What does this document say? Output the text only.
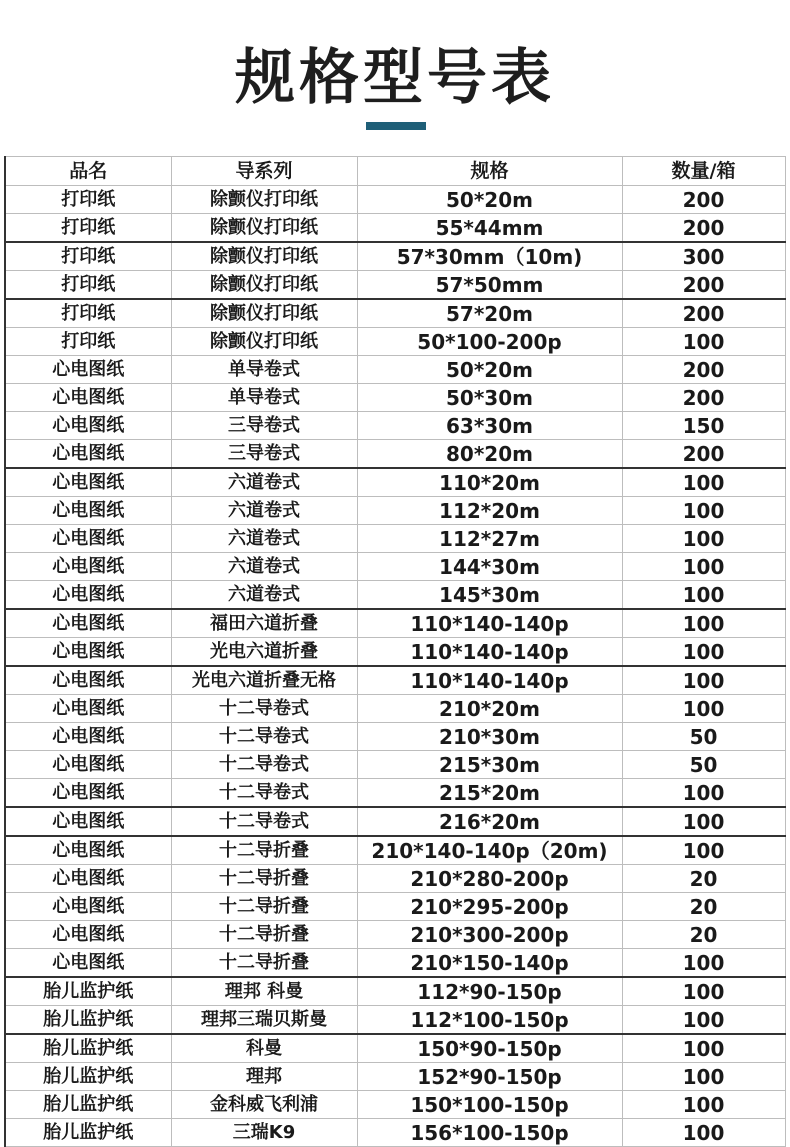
规格型号表
品名	导系列	规格	数量/箱
打印纸	除颤仪打印纸	50*20m	200
打印纸	除颤仪打印纸	55*44mm	200
打印纸	除颤仪打印纸	57*30mm（10m)	300
打印纸	除颤仪打印纸	57*50mm	200
打印纸	除颤仪打印纸	57*20m	200
打印纸	除颤仪打印纸	50*100-200p	100
心电图纸	单导卷式	50*20m	200
心电图纸	单导卷式	50*30m	200
心电图纸	三导卷式	63*30m	150
心电图纸	三导卷式	80*20m	200
心电图纸	六道卷式	110*20m	100
心电图纸	六道卷式	112*20m	100
心电图纸	六道卷式	112*27m	100
心电图纸	六道卷式	144*30m	100
心电图纸	六道卷式	145*30m	100
心电图纸	福田六道折叠	110*140-140p	100
心电图纸	光电六道折叠	110*140-140p	100
心电图纸	光电六道折叠无格	110*140-140p	100
心电图纸	十二导卷式	210*20m	100
心电图纸	十二导卷式	210*30m	50
心电图纸	十二导卷式	215*30m	50
心电图纸	十二导卷式	215*20m	100
心电图纸	十二导卷式	216*20m	100
心电图纸	十二导折叠	210*140-140p（20m)	100
心电图纸	十二导折叠	210*280-200p	20
心电图纸	十二导折叠	210*295-200p	20
心电图纸	十二导折叠	210*300-200p	20
心电图纸	十二导折叠	210*150-140p	100
胎儿监护纸	理邦 科曼	112*90-150p	100
胎儿监护纸	理邦三瑞贝斯曼	112*100-150p	100
胎儿监护纸	科曼	150*90-150p	100
胎儿监护纸	理邦	152*90-150p	100
胎儿监护纸	金科威飞利浦	150*100-150p	100
胎儿监护纸	三瑞K9	156*100-150p	100
